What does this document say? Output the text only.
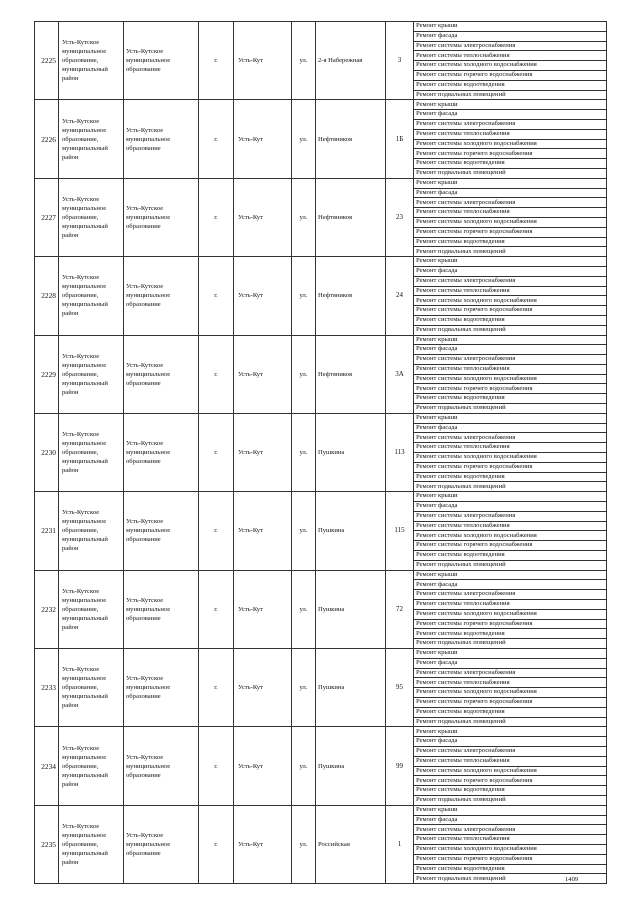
2225	Усть-Кутское муниципальное образование, муниципальный район	Усть-Кутское муниципальное образование	г.	Усть-Кут	ул.	2-я Набережная	3	Ремонт крыши
								Ремонт фасада
								Ремонт системы электроснабжения
								Ремонт системы теплоснабжения
								Ремонт системы холодного водоснабжения
								Ремонт системы горячего водоснабжения
								Ремонт системы водоотведения
								Ремонт подвальных помещений
2226	Усть-Кутское муниципальное образование, муниципальный район	Усть-Кутское муниципальное образование	г.	Усть-Кут	ул.	Нефтяников	1Б	Ремонт крыши
								Ремонт фасада
								Ремонт системы электроснабжения
								Ремонт системы теплоснабжения
								Ремонт системы холодного водоснабжения
								Ремонт системы горячего водоснабжения
								Ремонт системы водоотведения
								Ремонт подвальных помещений
2227	Усть-Кутское муниципальное образование, муниципальный район	Усть-Кутское муниципальное образование	г.	Усть-Кут	ул.	Нефтяников	23	Ремонт крыши
								Ремонт фасада
								Ремонт системы электроснабжения
								Ремонт системы теплоснабжения
								Ремонт системы холодного водоснабжения
								Ремонт системы горячего водоснабжения
								Ремонт системы водоотведения
								Ремонт подвальных помещений
2228	Усть-Кутское муниципальное образование, муниципальный район	Усть-Кутское муниципальное образование	г.	Усть-Кут	ул.	Нефтяников	24	Ремонт крыши
								Ремонт фасада
								Ремонт системы электроснабжения
								Ремонт системы теплоснабжения
								Ремонт системы холодного водоснабжения
								Ремонт системы горячего водоснабжения
								Ремонт системы водоотведения
								Ремонт подвальных помещений
2229	Усть-Кутское муниципальное образование, муниципальный район	Усть-Кутское муниципальное образование	г.	Усть-Кут	ул.	Нефтяников	3А	Ремонт крыши
								Ремонт фасада
								Ремонт системы электроснабжения
								Ремонт системы теплоснабжения
								Ремонт системы холодного водоснабжения
								Ремонт системы горячего водоснабжения
								Ремонт системы водоотведения
								Ремонт подвальных помещений
2230	Усть-Кутское муниципальное образование, муниципальный район	Усть-Кутское муниципальное образование	г.	Усть-Кут	ул.	Пушкина	113	Ремонт крыши
								Ремонт фасада
								Ремонт системы электроснабжения
								Ремонт системы теплоснабжения
								Ремонт системы холодного водоснабжения
								Ремонт системы горячего водоснабжения
								Ремонт системы водоотведения
								Ремонт подвальных помещений
2231	Усть-Кутское муниципальное образование, муниципальный район	Усть-Кутское муниципальное образование	г.	Усть-Кут	ул.	Пушкина	115	Ремонт крыши
								Ремонт фасада
								Ремонт системы электроснабжения
								Ремонт системы теплоснабжения
								Ремонт системы холодного водоснабжения
								Ремонт системы горячего водоснабжения
								Ремонт системы водоотведения
								Ремонт подвальных помещений
2232	Усть-Кутское муниципальное образование, муниципальный район	Усть-Кутское муниципальное образование	г.	Усть-Кут	ул.	Пушкина	72	Ремонт крыши
								Ремонт фасада
								Ремонт системы электроснабжения
								Ремонт системы теплоснабжения
								Ремонт системы холодного водоснабжения
								Ремонт системы горячего водоснабжения
								Ремонт системы водоотведения
								Ремонт подвальных помещений
2233	Усть-Кутское муниципальное образование, муниципальный район	Усть-Кутское муниципальное образование	г.	Усть-Кут	ул.	Пушкина	95	Ремонт крыши
								Ремонт фасада
								Ремонт системы электроснабжения
								Ремонт системы теплоснабжения
								Ремонт системы холодного водоснабжения
								Ремонт системы горячего водоснабжения
								Ремонт системы водоотведения
								Ремонт подвальных помещений
2234	Усть-Кутское муниципальное образование, муниципальный район	Усть-Кутское муниципальное образование	г.	Усть-Кут	ул.	Пушкина	99	Ремонт крыши
								Ремонт фасада
								Ремонт системы электроснабжения
								Ремонт системы теплоснабжения
								Ремонт системы холодного водоснабжения
								Ремонт системы горячего водоснабжения
								Ремонт системы водоотведения
								Ремонт подвальных помещений
2235	Усть-Кутское муниципальное образование, муниципальный район	Усть-Кутское муниципальное образование	г.	Усть-Кут	ул.	Российская	1	Ремонт крыши
								Ремонт фасада
								Ремонт системы электроснабжения
								Ремонт системы теплоснабжения
								Ремонт системы холодного водоснабжения
								Ремонт системы горячего водоснабжения
								Ремонт системы водоотведения
								Ремонт подвальных помещений	1409
